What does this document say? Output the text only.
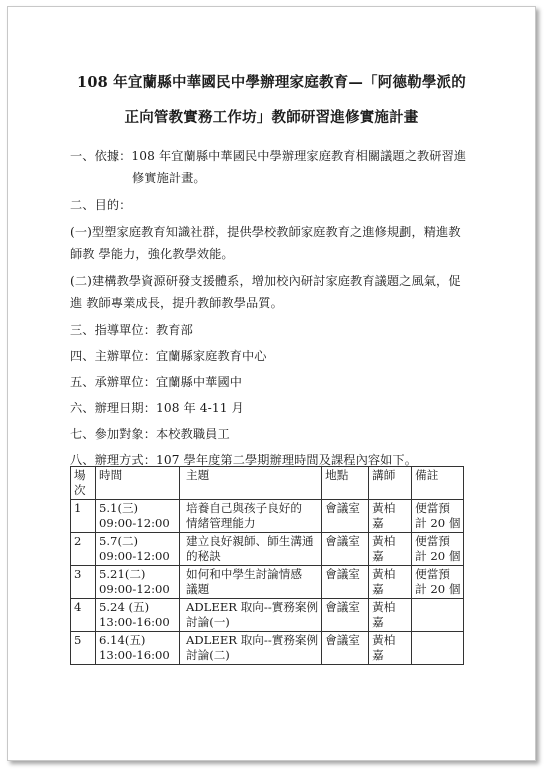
108 年宜蘭縣中華國民中學辦理家庭教育—「阿德勒學派的
正向管教實務工作坊」教師研習進修實施計畫
一、依據：108 年宜蘭縣中華國民中學辦理家庭教育相關議題之教研習進
修實施計畫。
二、目的：
(一)型塑家庭教育知識社群，提供學校教師家庭教育之進修規劃，精進教
師教 學能力，強化教學效能。
(二)建構教學資源研發支援體系，增加校內研討家庭教育議題之風氣，促
進 教師專業成長，提升教師教學品質。
三、指導單位：教育部
四、主辦單位：宜蘭縣家庭教育中心
五、承辦單位：宜蘭縣中華國中
六、辦理日期：108 年 4-11 月
七、參加對象：本校教職員工
八、辦理方式：107 學年度第二學期辦理時間及課程內容如下。
場
次	時間	主題	地點	講師	備註
1	5.1(三)
09:00-12:00	培養自己與孩子良好的
情緒管理能力	會議室	黃柏
嘉	便當預
計 20 個

2	5.7(二)
09:00-12:00	建立良好親師、師生溝通
的秘訣	會議室	黃柏
嘉	便當預
計 20 個

3	5.21(二)
09:00-12:00	如何和中學生討論情感
議題	會議室	黃柏
嘉	便當預
計 20 個

4	5.24 (五)
13:00-16:00	ADLEER 取向--實務案例
討論(一)	會議室	黃柏
嘉	

5	6.14(五)
13:00-16:00	ADLEER 取向--實務案例
討論(二)	會議室	黃柏
嘉	
